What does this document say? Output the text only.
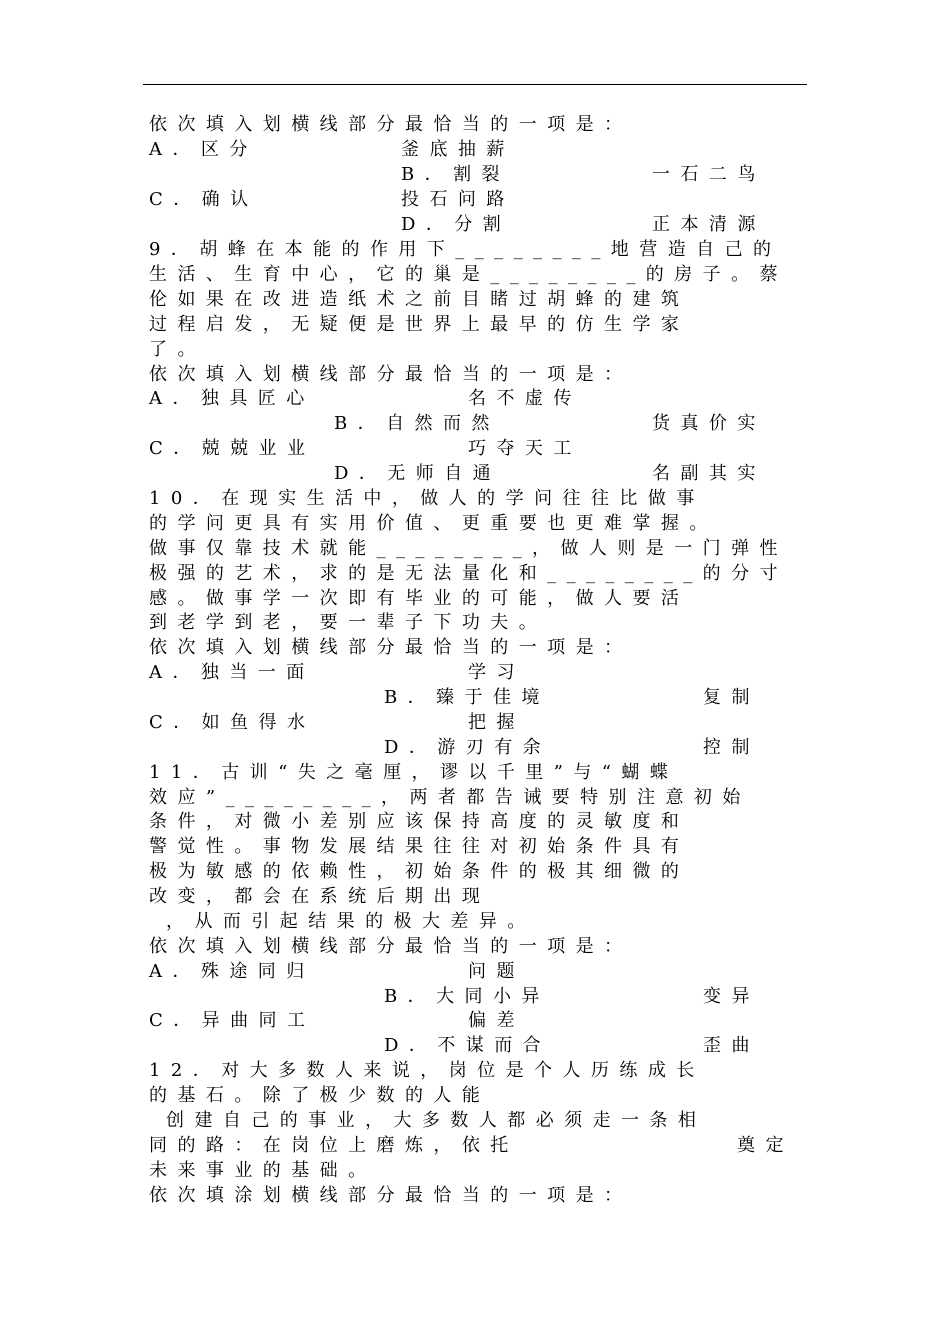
依次填入划横线部分最恰当的一项是：
A．区分	釜底抽薪
B．割裂	一石二鸟
C．确认	投石问路
D．分割	正本清源
9．胡蜂在本能的作用下________地营造自己的
生活、生育中心，它的巢是________的房子。蔡
伦如果在改进造纸术之前目睹过胡蜂的建筑
过程启发，无疑便是世界上最早的仿生学家
了。
依次填入划横线部分最恰当的一项是：
A．独具匠心	名不虚传
B．自然而然	货真价实
C．兢兢业业	巧夺天工
D．无师自通	名副其实
10．在现实生活中，做人的学问往往比做事
的学问更具有实用价值、更重要也更难掌握。
做事仅靠技术就能________，做人则是一门弹性
极强的艺术，求的是无法量化和________的分寸
感。做事学一次即有毕业的可能，做人要活
到老学到老，要一辈子下功夫。
依次填入划横线部分最恰当的一项是：
A．独当一面	学习
B．臻于佳境	复制
C．如鱼得水	把握
D．游刃有余	控制
11．古训“失之毫厘，谬以千里”与“蝴蝶
效应”________，两者都告诫要特别注意初始
条件，对微小差别应该保持高度的灵敏度和
警觉性。事物发展结果往往对初始条件具有
极为敏感的依赖性，初始条件的极其细微的
改变，都会在系统后期出现
，从而引起结果的极大差异。
依次填入划横线部分最恰当的一项是：
A．殊途同归	问题
B．大同小异	变异
C．异曲同工	偏差
D．不谋而合	歪曲
12．对大多数人来说，岗位是个人历练成长
的基石。除了极少数的人能
创建自己的事业，大多数人都必须走一条相
同的路：在岗位上磨炼，依托	奠定
未来事业的基础。
依次填涂划横线部分最恰当的一项是：
